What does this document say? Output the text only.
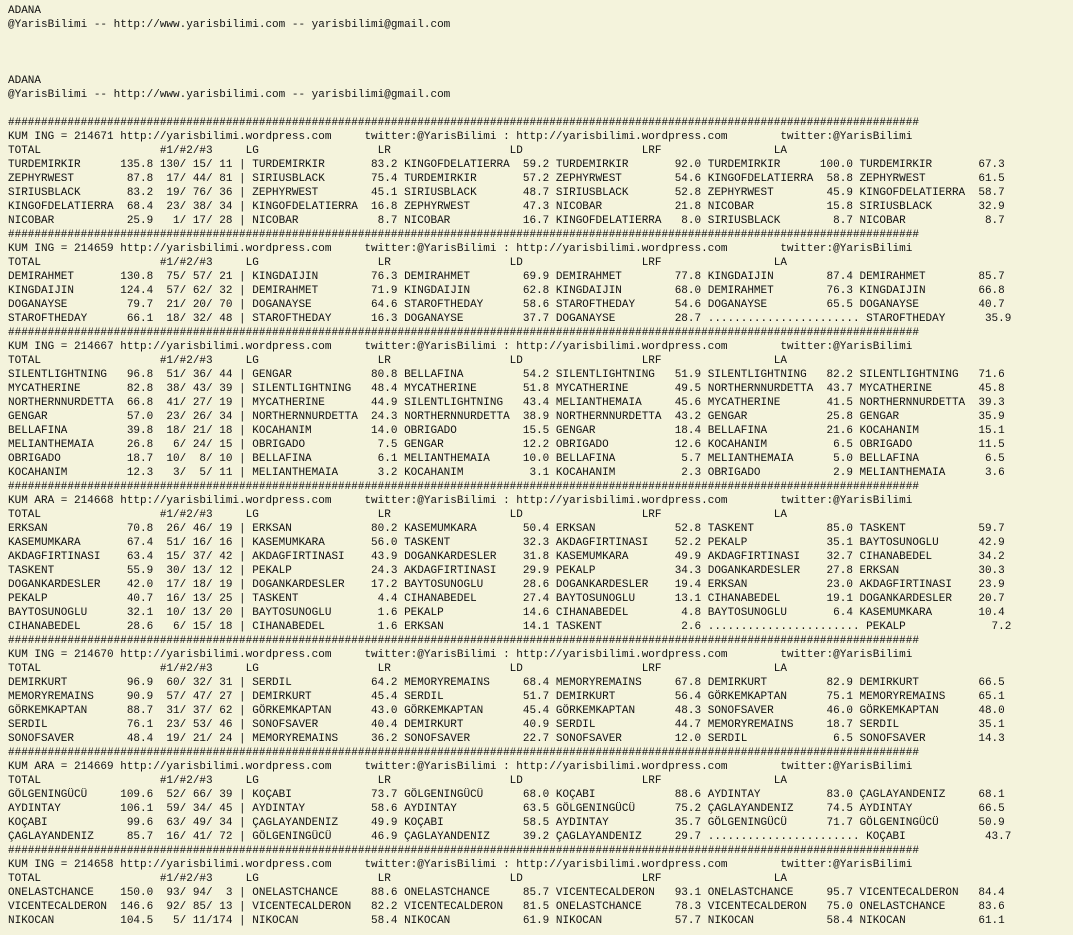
ADANA
@YarisBilimi -- http://www.yarisbilimi.com -- yarisbilimi@gmail.com
ADANA
@YarisBilimi -- http://www.yarisbilimi.com -- yarisbilimi@gmail.com
##########################################################################################################################################
KUM ING = 214671 http://yarisbilimi.wordpress.com     twitter:@YarisBilimi : http://yarisbilimi.wordpress.com        twitter:@YarisBilimi
TOTAL                  #1/#2/#3     LG                  LR                  LD                  LRF                 LA
TURDEMIRKIR      135.8 130/ 15/ 11 | TURDEMIRKIR       83.2 KINGOFDELATIERRA  59.2 TURDEMIRKIR       92.0 TURDEMIRKIR      100.0 TURDEMIRKIR       67.3
ZEPHYRWEST        87.8  17/ 44/ 81 | SIRIUSBLACK       75.4 TURDEMIRKIR       57.2 ZEPHYRWEST        54.6 KINGOFDELATIERRA  58.8 ZEPHYRWEST        61.5
SIRIUSBLACK       83.2  19/ 76/ 36 | ZEPHYRWEST        45.1 SIRIUSBLACK       48.7 SIRIUSBLACK       52.8 ZEPHYRWEST        45.9 KINGOFDELATIERRA  58.7
KINGOFDELATIERRA  68.4  23/ 38/ 34 | KINGOFDELATIERRA  16.8 ZEPHYRWEST        47.3 NICOBAR           21.8 NICOBAR           15.8 SIRIUSBLACK       32.9
NICOBAR           25.9   1/ 17/ 28 | NICOBAR            8.7 NICOBAR           16.7 KINGOFDELATIERRA   8.0 SIRIUSBLACK        8.7 NICOBAR            8.7
##########################################################################################################################################
KUM ING = 214659 http://yarisbilimi.wordpress.com     twitter:@YarisBilimi : http://yarisbilimi.wordpress.com        twitter:@YarisBilimi
TOTAL                  #1/#2/#3     LG                  LR                  LD                  LRF                 LA
DEMIRAHMET       130.8  75/ 57/ 21 | KINGDAIJIN        76.3 DEMIRAHMET        69.9 DEMIRAHMET        77.8 KINGDAIJIN        87.4 DEMIRAHMET        85.7
KINGDAIJIN       124.4  57/ 62/ 32 | DEMIRAHMET        71.9 KINGDAIJIN        62.8 KINGDAIJIN        68.0 DEMIRAHMET        76.3 KINGDAIJIN        66.8
DOGANAYSE         79.7  21/ 20/ 70 | DOGANAYSE         64.6 STAROFTHEDAY      58.6 STAROFTHEDAY      54.6 DOGANAYSE         65.5 DOGANAYSE         40.7
STAROFTHEDAY      66.1  18/ 32/ 48 | STAROFTHEDAY      16.3 DOGANAYSE         37.7 DOGANAYSE         28.7 ....................... STAROFTHEDAY      35.9
##########################################################################################################################################
KUM ING = 214667 http://yarisbilimi.wordpress.com     twitter:@YarisBilimi : http://yarisbilimi.wordpress.com        twitter:@YarisBilimi
TOTAL                  #1/#2/#3     LG                  LR                  LD                  LRF                 LA
SILENTLIGHTNING   96.8  51/ 36/ 44 | GENGAR            80.8 BELLAFINA         54.2 SILENTLIGHTNING   51.9 SILENTLIGHTNING   82.2 SILENTLIGHTNING   71.6
MYCATHERINE       82.8  38/ 43/ 39 | SILENTLIGHTNING   48.4 MYCATHERINE       51.8 MYCATHERINE       49.5 NORTHERNNURDETTA  43.7 MYCATHERINE       45.8
NORTHERNNURDETTA  66.8  41/ 27/ 19 | MYCATHERINE       44.9 SILENTLIGHTNING   43.4 MELIANTHEMAIA     45.6 MYCATHERINE       41.5 NORTHERNNURDETTA  39.3
GENGAR            57.0  23/ 26/ 34 | NORTHERNNURDETTA  24.3 NORTHERNNURDETTA  38.9 NORTHERNNURDETTA  43.2 GENGAR            25.8 GENGAR            35.9
BELLAFINA         39.8  18/ 21/ 18 | KOCAHANIM         14.0 OBRIGADO          15.5 GENGAR            18.4 BELLAFINA         21.6 KOCAHANIM         15.1
MELIANTHEMAIA     26.8   6/ 24/ 15 | OBRIGADO           7.5 GENGAR            12.2 OBRIGADO          12.6 KOCAHANIM          6.5 OBRIGADO          11.5
OBRIGADO          18.7  10/  8/ 10 | BELLAFINA          6.1 MELIANTHEMAIA     10.0 BELLAFINA          5.7 MELIANTHEMAIA      5.0 BELLAFINA          6.5
KOCAHANIM         12.3   3/  5/ 11 | MELIANTHEMAIA      3.2 KOCAHANIM          3.1 KOCAHANIM          2.3 OBRIGADO           2.9 MELIANTHEMAIA      3.6
##########################################################################################################################################
KUM ARA = 214668 http://yarisbilimi.wordpress.com     twitter:@YarisBilimi : http://yarisbilimi.wordpress.com        twitter:@YarisBilimi
TOTAL                  #1/#2/#3     LG                  LR                  LD                  LRF                 LA
ERKSAN            70.8  26/ 46/ 19 | ERKSAN            80.2 KASEMUMKARA       50.4 ERKSAN            52.8 TASKENT           85.0 TASKENT           59.7
KASEMUMKARA       67.4  51/ 16/ 16 | KASEMUMKARA       56.0 TASKENT           32.3 AKDAGFIRTINASI    52.2 PEKALP            35.1 BAYTOSUNOGLU      42.9
AKDAGFIRTINASI    63.4  15/ 37/ 42 | AKDAGFIRTINASI    43.9 DOGANKARDESLER    31.8 KASEMUMKARA       49.9 AKDAGFIRTINASI    32.7 CIHANABEDEL       34.2
TASKENT           55.9  30/ 13/ 12 | PEKALP            24.3 AKDAGFIRTINASI    29.9 PEKALP            34.3 DOGANKARDESLER    27.8 ERKSAN            30.3
DOGANKARDESLER    42.0  17/ 18/ 19 | DOGANKARDESLER    17.2 BAYTOSUNOGLU      28.6 DOGANKARDESLER    19.4 ERKSAN            23.0 AKDAGFIRTINASI    23.9
PEKALP            40.7  16/ 13/ 25 | TASKENT            4.4 CIHANABEDEL       27.4 BAYTOSUNOGLU      13.1 CIHANABEDEL       19.1 DOGANKARDESLER    20.7
BAYTOSUNOGLU      32.1  10/ 13/ 20 | BAYTOSUNOGLU       1.6 PEKALP            14.6 CIHANABEDEL        4.8 BAYTOSUNOGLU       6.4 KASEMUMKARA       10.4
CIHANABEDEL       28.6   6/ 15/ 18 | CIHANABEDEL        1.6 ERKSAN            14.1 TASKENT            2.6 ....................... PEKALP             7.2
##########################################################################################################################################
KUM ING = 214670 http://yarisbilimi.wordpress.com     twitter:@YarisBilimi : http://yarisbilimi.wordpress.com        twitter:@YarisBilimi
TOTAL                  #1/#2/#3     LG                  LR                  LD                  LRF                 LA
DEMIRKURT         96.9  60/ 32/ 31 | SERDIL            64.2 MEMORYREMAINS     68.4 MEMORYREMAINS     67.8 DEMIRKURT         82.9 DEMIRKURT         66.5
MEMORYREMAINS     90.9  57/ 47/ 27 | DEMIRKURT         45.4 SERDIL            51.7 DEMIRKURT         56.4 GÖRKEMKAPTAN      75.1 MEMORYREMAINS     65.1
GÖRKEMKAPTAN      88.7  31/ 37/ 62 | GÖRKEMKAPTAN      43.0 GÖRKEMKAPTAN      45.4 GÖRKEMKAPTAN      48.3 SONOFSAVER        46.0 GÖRKEMKAPTAN      48.0
SERDIL            76.1  23/ 53/ 46 | SONOFSAVER        40.4 DEMIRKURT         40.9 SERDIL            44.7 MEMORYREMAINS     18.7 SERDIL            35.1
SONOFSAVER        48.4  19/ 21/ 24 | MEMORYREMAINS     36.2 SONOFSAVER        22.7 SONOFSAVER        12.0 SERDIL             6.5 SONOFSAVER        14.3
##########################################################################################################################################
KUM ARA = 214669 http://yarisbilimi.wordpress.com     twitter:@YarisBilimi : http://yarisbilimi.wordpress.com        twitter:@YarisBilimi
TOTAL                  #1/#2/#3     LG                  LR                  LD                  LRF                 LA
GÖLGENINGÜCÜ     109.6  52/ 66/ 39 | KOÇABI            73.7 GÖLGENINGÜCÜ      68.0 KOÇABI            88.6 AYDINTAY          83.0 ÇAGLAYANDENIZ     68.1
AYDINTAY         106.1  59/ 34/ 45 | AYDINTAY          58.6 AYDINTAY          63.5 GÖLGENINGÜCÜ      75.2 ÇAGLAYANDENIZ     74.5 AYDINTAY          66.5
KOÇABI            99.6  63/ 49/ 34 | ÇAGLAYANDENIZ     49.9 KOÇABI            58.5 AYDINTAY          35.7 GÖLGENINGÜCÜ      71.7 GÖLGENINGÜCÜ      50.9
ÇAGLAYANDENIZ     85.7  16/ 41/ 72 | GÖLGENINGÜCÜ      46.9 ÇAGLAYANDENIZ     39.2 ÇAGLAYANDENIZ     29.7 ....................... KOÇABI            43.7
##########################################################################################################################################
KUM ING = 214658 http://yarisbilimi.wordpress.com     twitter:@YarisBilimi : http://yarisbilimi.wordpress.com        twitter:@YarisBilimi
TOTAL                  #1/#2/#3     LG                  LR                  LD                  LRF                 LA
ONELASTCHANCE    150.0  93/ 94/  3 | ONELASTCHANCE     88.6 ONELASTCHANCE     85.7 VICENTECALDERON   93.1 ONELASTCHANCE     95.7 VICENTECALDERON   84.4
VICENTECALDERON  146.6  92/ 85/ 13 | VICENTECALDERON   82.2 VICENTECALDERON   81.5 ONELASTCHANCE     78.3 VICENTECALDERON   75.0 ONELASTCHANCE     83.6
NIKOCAN          104.5   5/ 11/174 | NIKOCAN           58.4 NIKOCAN           61.9 NIKOCAN           57.7 NIKOCAN           58.4 NIKOCAN           61.1
